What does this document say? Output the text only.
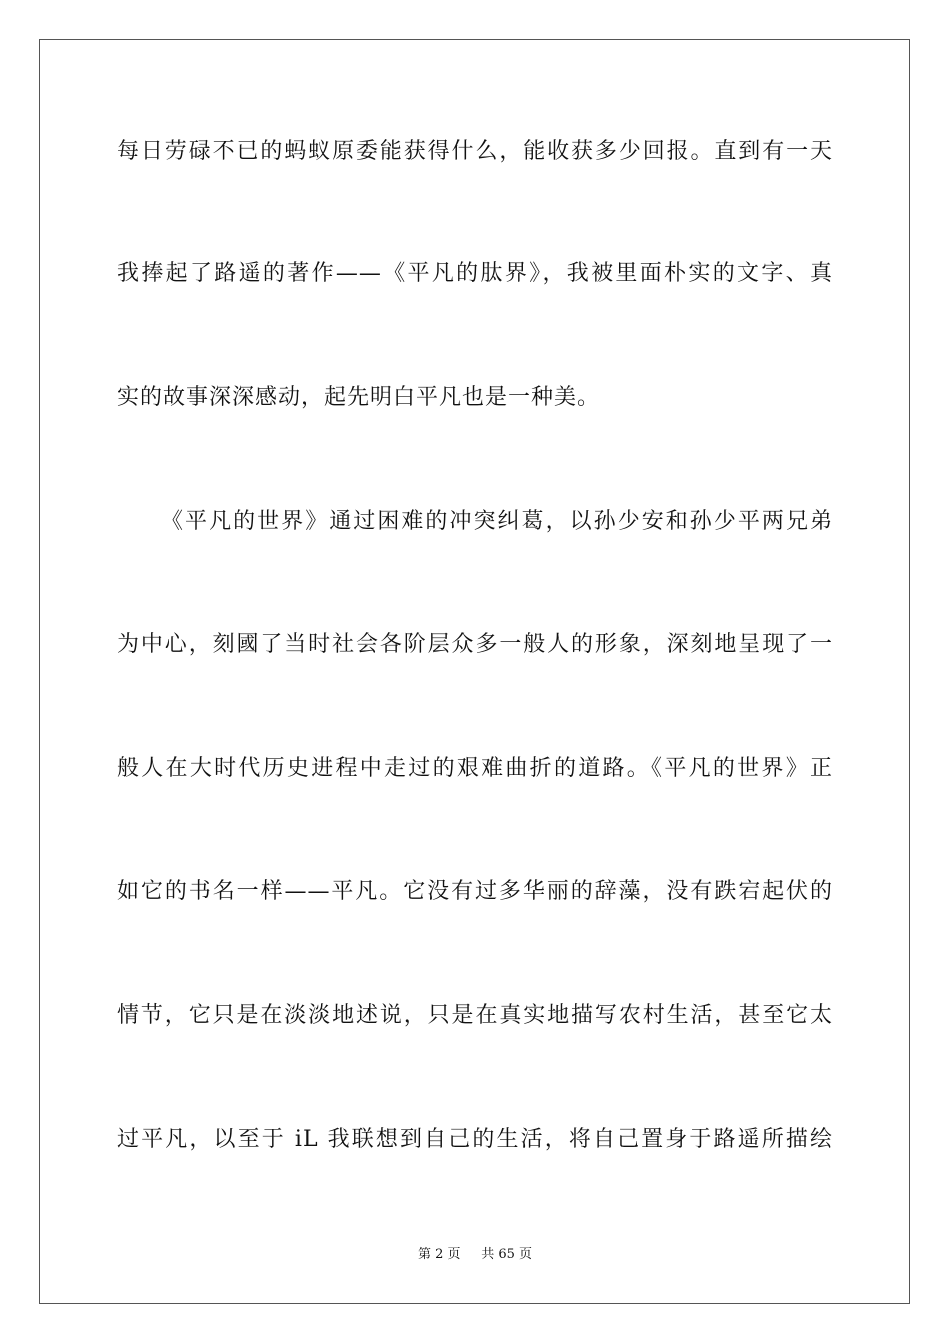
每日劳碌不已的蚂蚁原委能获得什么，能收获多少回报。直到有一天
我捧起了路遥的著作——《平凡的肽界》，我被里面朴实的文字、真
实的故事深深感动，起先明白平凡也是一种美。
《平凡的世界》通过困难的冲突纠葛，以孙少安和孙少平两兄弟
为中心，刻國了当时社会各阶层众多一般人的形象，深刻地呈现了一
般人在大时代历史进程中走过的艰难曲折的道路。《平凡的世界》正
如它的书名一样——平凡。它没有过多华丽的辞藻，没有跌宕起伏的
情节，它只是在淡淡地述说，只是在真实地描写农村生活，甚至它太
过平凡，以至于 iL 我联想到自己的生活，将自己置身于路遥所描绘
第 2 页 共 65 页
